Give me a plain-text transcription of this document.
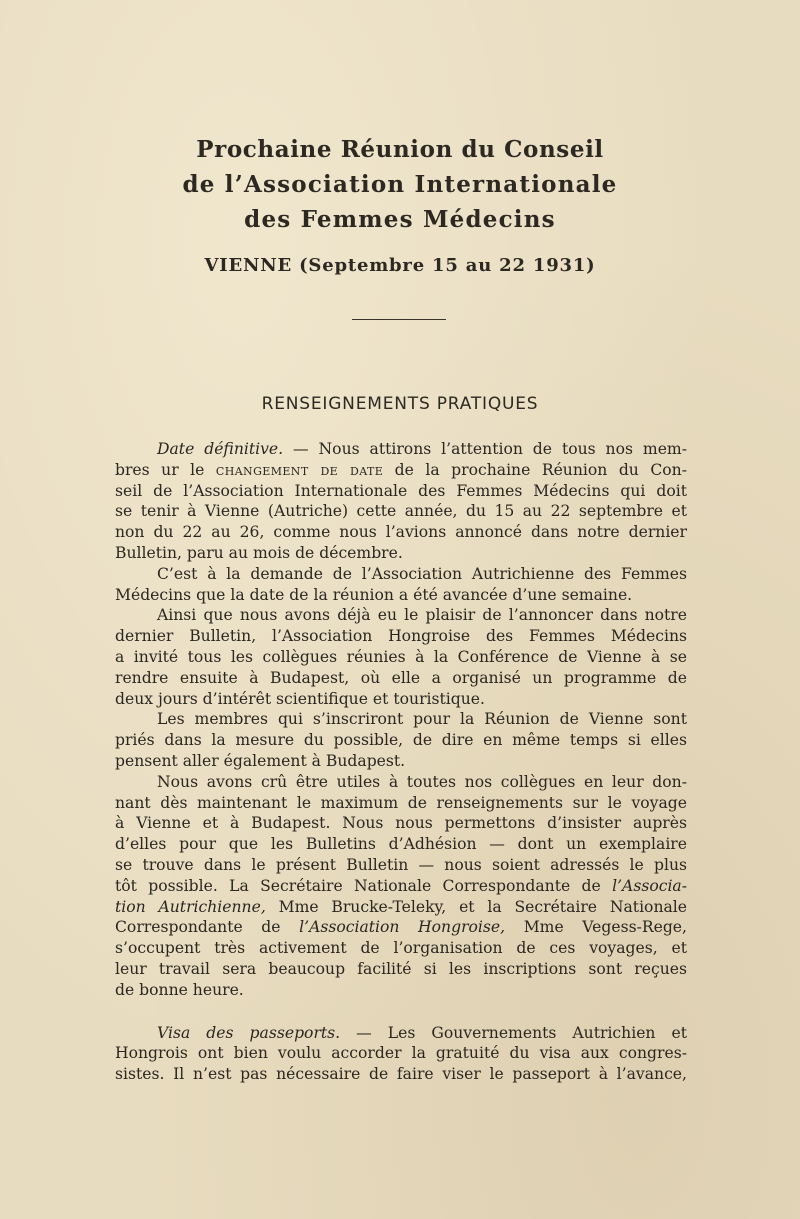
Prochaine Réunion du Conseil
de l’Association Internationale
des Femmes Médecins
VIENNE (Septembre 15 au 22 1931)
RENSEIGNEMENTS PRATIQUES
Date définitive. — Nous attirons l’attention de tous nos mem-
bres ur le changement de date de la prochaine Réunion du Con-
seil de l’Association Internationale des Femmes Médecins qui doit
se tenir à Vienne (Autriche) cette année, du 15 au 22 septembre et
non du 22 au 26, comme nous l’avions annoncé dans notre dernier
Bulletin, paru au mois de décembre.
C’est à la demande de l’Association Autrichienne des Femmes
Médecins que la date de la réunion a été avancée d’une semaine.
Ainsi que nous avons déjà eu le plaisir de l’annoncer dans notre
dernier Bulletin, l’Association Hongroise des Femmes Médecins
a invité tous les collègues réunies à la Conférence de Vienne à se
rendre ensuite à Budapest, où elle a organisé un programme de
deux jours d’intérêt scientifique et touristique.
Les membres qui s’inscriront pour la Réunion de Vienne sont
priés dans la mesure du possible, de dire en même temps si elles
pensent aller également à Budapest.
Nous avons crû être utiles à toutes nos collègues en leur don-
nant dès maintenant le maximum de renseignements sur le voyage
à Vienne et à Budapest. Nous nous permettons d’insister auprès
d’elles pour que les Bulletins d’Adhésion — dont un exemplaire
se trouve dans le présent Bulletin — nous soient adressés le plus
tôt possible. La Secrétaire Nationale Correspondante de l’Associa-
tion Autrichienne, Mme Brucke-Teleky, et la Secrétaire Nationale
Correspondante de l’Association Hongroise, Mme Vegess-Rege,
s’occupent très activement de l’organisation de ces voyages, et
leur travail sera beaucoup facilité si les inscriptions sont reçues
de bonne heure.
Visa des passeports. — Les Gouvernements Autrichien et
Hongrois ont bien voulu accorder la gratuité du visa aux congres-
sistes. Il n’est pas nécessaire de faire viser le passeport à l’avance,
